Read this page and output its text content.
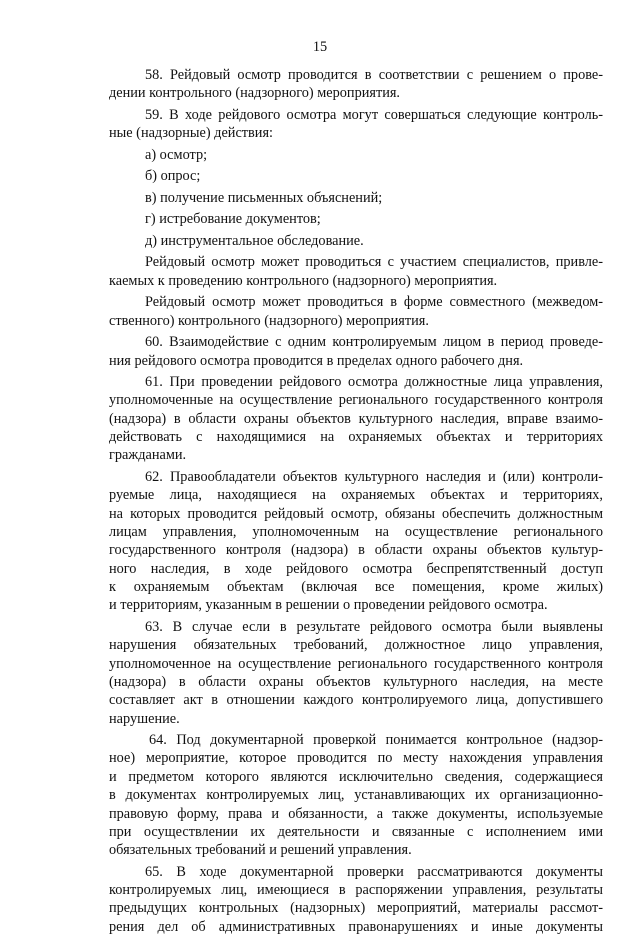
15
58. Рейдовый осмотр проводится в соответствии с решением о прове-
дении контрольного (надзорного) мероприятия.
59. В ходе рейдового осмотра могут совершаться следующие контроль-
ные (надзорные) действия:
а) осмотр;
б) опрос;
в) получение письменных объяснений;
г) истребование документов;
д) инструментальное обследование.
Рейдовый осмотр может проводиться с участием специалистов, привле-
каемых к проведению контрольного (надзорного) мероприятия.
Рейдовый осмотр может проводиться в форме совместного (межведом-
ственного) контрольного (надзорного) мероприятия.
60. Взаимодействие с одним контролируемым лицом в период проведе-
ния рейдового осмотра проводится в пределах одного рабочего дня.
61. При проведении рейдового осмотра должностные лица управления,
уполномоченные на осуществление регионального государственного контроля
(надзора) в области охраны объектов культурного наследия, вправе взаимо-
действовать с находящимися на охраняемых объектах и территориях
гражданами.
62. Правообладатели объектов культурного наследия и (или) контроли-
руемые лица, находящиеся на охраняемых объектах и территориях,
на которых проводится рейдовый осмотр, обязаны обеспечить должностным
лицам управления, уполномоченным на осуществление регионального
государственного контроля (надзора) в области охраны объектов культур-
ного наследия, в ходе рейдового осмотра беспрепятственный доступ
к охраняемым объектам (включая все помещения, кроме жилых)
и территориям, указанным в решении о проведении рейдового осмотра.
63. В случае если в результате рейдового осмотра были выявлены
нарушения обязательных требований, должностное лицо управления,
уполномоченное на осуществление регионального государственного контроля
(надзора) в области охраны объектов культурного наследия, на месте
составляет акт в отношении каждого контролируемого лица, допустившего
нарушение.
64. Под документарной проверкой понимается контрольное (надзор-
ное) мероприятие, которое проводится по месту нахождения управления
и предметом которого являются исключительно сведения, содержащиеся
в документах контролируемых лиц, устанавливающих их организационно-
правовую форму, права и обязанности, а также документы, используемые
при осуществлении их деятельности и связанные с исполнением ими
обязательных требований и решений управления.
65. В ходе документарной проверки рассматриваются документы
контролируемых лиц, имеющиеся в распоряжении управления, результаты
предыдущих контрольных (надзорных) мероприятий, материалы рассмот-
рения дел об административных правонарушениях и иные документы
